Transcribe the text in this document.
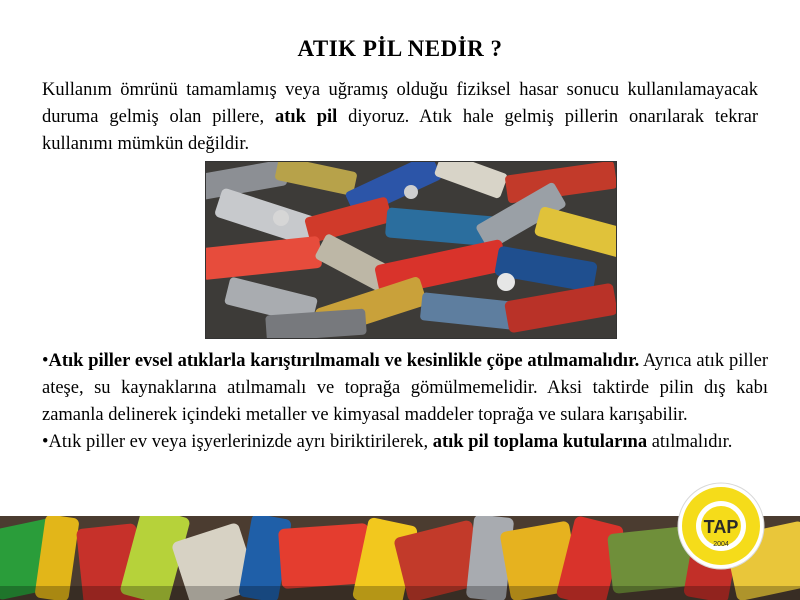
ATIK PİL NEDİR ?
Kullanım ömrünü tamamlamış veya uğramış olduğu fiziksel hasar sonucu kullanılamayacak duruma gelmiş olan pillere, atık pil diyoruz. Atık hale gelmiş pillerin onarılarak tekrar kullanımı mümkün değildir.

•Atık piller evsel atıklarla karıştırılmamalı ve kesinlikle çöpe atılmamalıdır. Ayrıca atık piller ateşe, su kaynaklarına atılmamalı ve toprağa gömülmemelidir. Aksi taktirde pilin dış kabı zamanla delinerek içindeki metaller ve kimyasal maddeler toprağa ve sulara karışabilir.

•Atık piller ev veya işyerlerinizde ayrı biriktirilerek, atık pil toplama kutularına atılmalıdır.

TAP
2004
